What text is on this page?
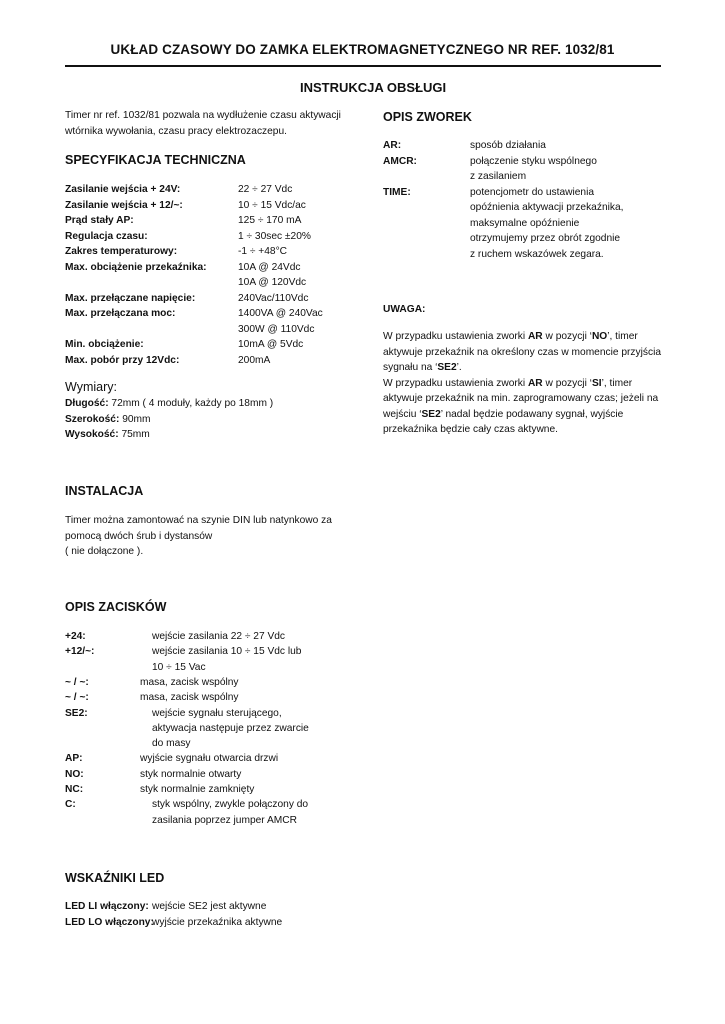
UKŁAD CZASOWY DO ZAMKA ELEKTROMAGNETYCZNEGO NR REF. 1032/81
INSTRUKCJA OBSŁUGI
Timer nr ref. 1032/81 pozwala na wydłużenie czasu aktywacji
wtórnika wywołania, czasu pracy elektrozaczepu.
SPECYFIKACJA TECHNICZNA
Zasilanie wejścia + 24V:	22 ÷ 27 Vdc
Zasilanie wejścia + 12/~:	10 ÷ 15 Vdc/ac
Prąd stały AP:	125 ÷ 170 mA
Regulacja czasu:	1 ÷ 30sec ±20%
Zakres temperaturowy:	-1 ÷ +48°C
Max. obciążenie przekaźnika:	10A @ 24Vdc
10A @ 120Vdc
Max. przełączane napięcie:	240Vac/110Vdc
Max. przełączana moc:	1400VA @ 240Vac
300W @ 110Vdc
Min. obciążenie:	10mA @ 5Vdc
Max. pobór przy 12Vdc:	200mA
Wymiary:
Długość: 72mm ( 4 moduły, każdy po 18mm )
Szerokość: 90mm
Wysokość: 75mm
INSTALACJA
Timer można zamontować na szynie DIN lub natynkowo za
pomocą dwóch śrub i dystansów
( nie dołączone ).
OPIS ZACISKÓW
+24:	wejście zasilania 22 ÷ 27 Vdc
+12/~:	wejście zasilania 10 ÷ 15 Vdc lub
10 ÷ 15 Vac
~ / ~:	masa, zacisk wspólny
~ / ~:	masa, zacisk wspólny
SE2:	wejście sygnału sterującego,
aktywacja następuje przez zwarcie
do masy
AP:	wyjście sygnału otwarcia drzwi
NO:	styk normalnie otwarty
NC:	styk normalnie zamknięty
C:	styk wspólny, zwykle połączony do
zasilania poprzez jumper AMCR
WSKAŹNIKI LED
LED LI włączony: wejście SE2 jest aktywne
LED LO włączony:
wyjście przekaźnika aktywne
OPIS ZWOREK
AR:	sposób działania
AMCR:	połączenie styku wspólnego
z zasilaniem
TIME:	potencjometr do ustawienia
opóźnienia aktywacji przekaźnika,
maksymalne opóźnienie
otrzymujemy przez obrót zgodnie
z ruchem wskazówek zegara.
UWAGA:
W przypadku ustawienia zworki AR w pozycji ‘NO’, timer
aktywuje przekaźnik na określony czas w momencie przyjścia
sygnału na ‘SE2’.
W przypadku ustawienia zworki AR w pozycji ‘SI’, timer
aktywuje przekaźnik na min. zaprogramowany czas; jeżeli na
wejściu ‘SE2’ nadal będzie podawany sygnał, wyjście
przekaźnika będzie cały czas aktywne.
